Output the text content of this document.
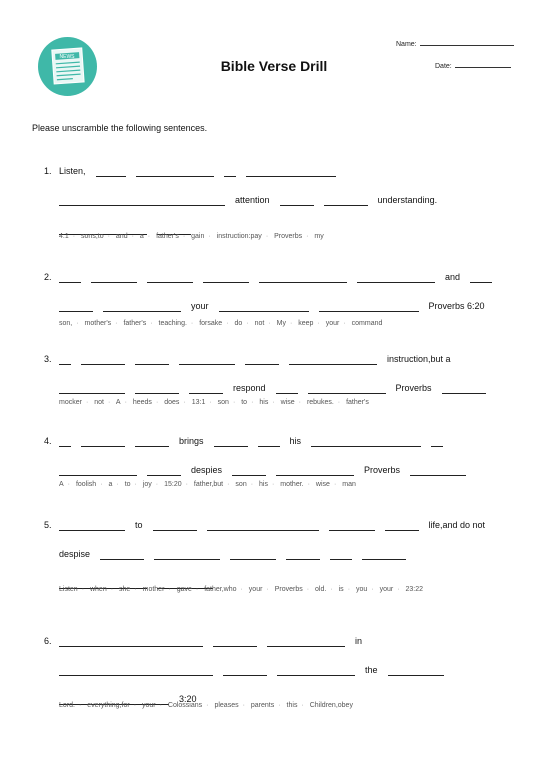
NEWS
Name:
Date:
Bible Verse Drill
Please unscramble the following sentences.
1. Listen,
attention	understanding.
4:1 · sons,to · and · a · father's · gain · instruction:pay · Proverbs · my
2.	and
your	Proverbs 6:20
son, · mother's · father's · teaching. · forsake · do · not · My · keep · your · command
3.	instruction,but a
respond	Proverbs
mocker · not · A · heeds · does · 13:1 · son · to · his · wise · rebukes. · father's
4.	brings	his
despies	Proverbs
A · foolish · a · to · joy · 15:20 · father,but · son · his · mother. · wise · man
5.	to	life,and do not
despise
Listen · when · she · mother · gave · father,who · your · Proverbs · old. · is · you · your · 23:22
6.	in
the
3:20
Lord. · everything,for · your · Colossians · pleases · parents · this · Children,obey
